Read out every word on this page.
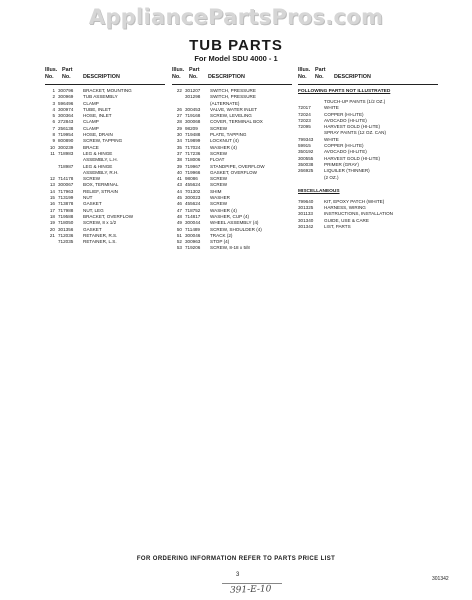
AppliancePartsPros.com
TUB PARTS
For Model SDU 4000 - 1
Illus. Part
No. No. DESCRIPTION
1 300796	BRACKET, MOUNTING
2 300969	TUB ASSEMBLY
3 596496	CLAMP
4 300974	TUBE, INLET
5 300364	HOSE, INLET
6 272843	CLAMP
7 256138	CLAMP
8 719954	HOSE, DRAIN
9 800890	SCREW, TAPPING
10 300239	BRACE
11 718983	LEG & HINGE
ASSEMBLY, L.H.
718987	LEG & HINGE
ASSEMBLY, R.H.
12 714178	SCREW
13 300067	BOX, TERMINAL
14 717963	RELIEF, STRAIN
15 713199	NUT
16 713878	GASKET
17 717988	NUT, LEG
18 719588	BRACKET, OVERFLOW
19 718050	SCREW, 8 x 1/2
20 301356	GASKET
21 712036	RETAINER, R.S.
712035	RETAINER, L.S.
Illus. Part
No. No. DESCRIPTION
22 301207	SWITCH, PRESSURE
301298	SWITCH, PRESSURE
(ALTERNATE)
26 300453	VALVE, WATER INLET
27 719168	SCREW, LEVELING
28 300068	COVER, TERMINAL BOX
29 98209	SCREW
30 719488	PLATE, TAPPING
34 719899	LOCKNUT (4)
35 717024	WASHER (4)
37 717236	SCREW
38 718006	FLOAT
39 719967	STANDPIPE, OVERFLOW
40 719966	GASKET, OVERFLOW
41 98086	SCREW
43 455624	SCREW
44 701302	SHIM
45 300023	WASHER
46 455624	SCREW
47 718752	WASHER (4)
48 714817	WASHER, CUP (4)
49 300044	WHEEL ASSEMBLY (4)
50 711489	SCREW, SHOULDER (4)
51 300046	TRACK (2)
52 300963	STOP (4)
53 719206	SCREW, 8-18 x 5/8
Illus. Part
No. No. DESCRIPTION
FOLLOWING PARTS NOT ILLUSTRATED
TOUCH-UP PAINTS (1/2 OZ.)
72017	WHITE
72024	COPPER (HI-LITE)
72023	AVOCADO (HI-LITE)
72095	HARVEST GOLD (HI-LITE)
SPRAY PAINTS (12 OZ. CAN)
799343	WHITE
59915	COPPER (HI-LITE)
350192	AVOCADO (HI-LITE)
300555	HARVEST GOLD (HI-LITE)
350038	PRIMER (GRAY)
266925	LIQUILER (THINNER)
(2 OZ.)
MISCELLANEOUS
799640	KIT, EPOXY PATCH (WHITE)
301325	HARNESS, WIRING
301133	INSTRUCTIONS, INSTALLATION
301340	GUIDE, USE & CARE
301342	LIST, PARTS
FOR ORDERING INFORMATION REFER TO PARTS PRICE LIST
3
301342
391-E-10
